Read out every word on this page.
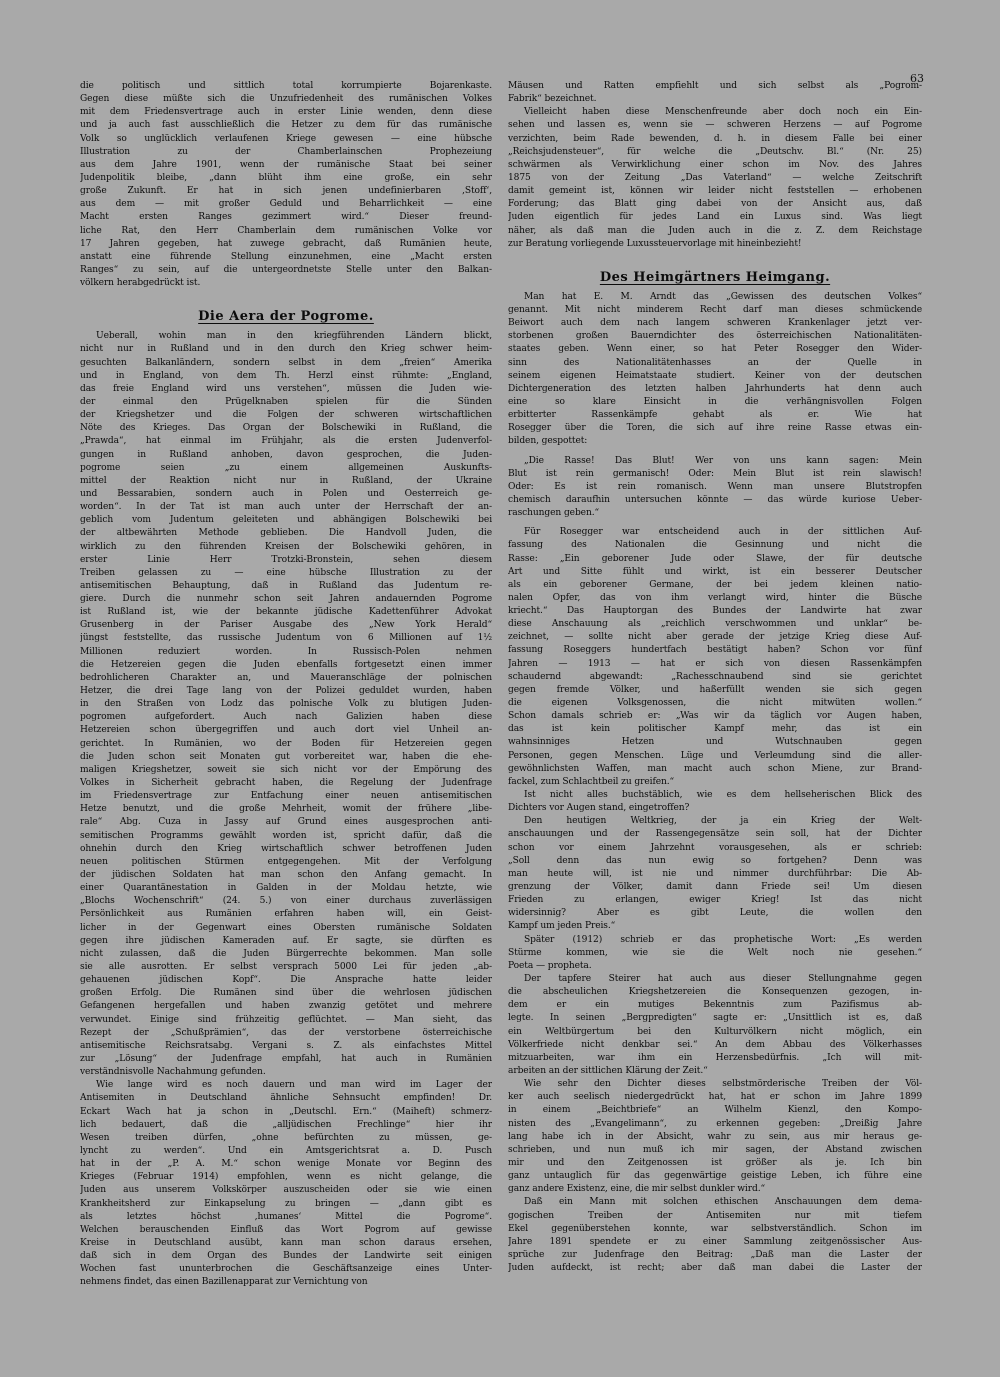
63
die politisch und sittlich total korrumpierte Bojarenkaste.
Gegen diese müßte sich die Unzufriedenheit des rumänischen Volkes
mit dem Friedensvertrage auch in erster Linie wenden, denn diese
und ja auch fast ausschließlich die Hetzer zu dem für das rumänische
Volk so unglücklich verlaufenen Kriege gewesen — eine hübsche
Illustration zu der Chamberlainschen Prophezeiung
aus dem Jahre 1901, wenn der rumänische Staat bei seiner
Judenpolitik bleibe, „dann blüht ihm eine große, ein sehr
große Zukunft. Er hat in sich jenen undefinierbaren ‚Stoff‘,
aus dem — mit großer Geduld und Beharrlichkeit — eine
Macht ersten Ranges gezimmert wird.“ Dieser freund-
liche Rat, den Herr Chamberlain dem rumänischen Volke vor
17 Jahren gegeben, hat zuwege gebracht, daß Rumänien heute,
anstatt eine führende Stellung einzunehmen, eine „Macht ersten
Ranges“ zu sein, auf die untergeordnetste Stelle unter den Balkan-
völkern herabgedrückt ist.
Die Aera der Pogrome.
Ueberall, wohin man in den kriegführenden Ländern blickt,
nicht nur in Rußland und in den durch den Krieg schwer heim-
gesuchten Balkanländern, sondern selbst in dem „freien“ Amerika
und in England, von dem Th. Herzl einst rühmte: „England,
das freie England wird uns verstehen“, müssen die Juden wie-
der einmal den Prügelknaben spielen für die Sünden
der Kriegshetzer und die Folgen der schweren wirtschaftlichen
Nöte des Krieges. Das Organ der Bolschewiki in Rußland, die
„Prawda“, hat einmal im Frühjahr, als die ersten Judenverfol-
gungen in Rußland anhoben, davon gesprochen, die Juden-
pogrome seien „zu einem allgemeinen Auskunfts-
mittel der Reaktion nicht nur in Rußland, der Ukraine
und Bessarabien, sondern auch in Polen und Oesterreich ge-
worden“. In der Tat ist man auch unter der Herrschaft der an-
geblich vom Judentum geleiteten und abhängigen Bolschewiki bei
der altbewährten Methode geblieben. Die Handvoll Juden, die
wirklich zu den führenden Kreisen der Bolschewiki gehören, in
erster Linie Herr Trotzki-Bronstein, sehen diesem
Treiben gelassen zu — eine hübsche Illustration zu der
antisemitischen Behauptung, daß in Rußland das Judentum re-
giere. Durch die nunmehr schon seit Jahren andauernden Pogrome
ist Rußland ist, wie der bekannte jüdische Kadettenführer Advokat
Grusenberg in der Pariser Ausgabe des „New York Herald“
jüngst feststellte, das russische Judentum von 6 Millionen auf 1½
Millionen reduziert worden. In Russisch-Polen nehmen
die Hetzereien gegen die Juden ebenfalls fortgesetzt einen immer
bedrohlicheren Charakter an, und Maueranschläge der polnischen
Hetzer, die drei Tage lang von der Polizei geduldet wurden, haben
in den Straßen von Lodz das polnische Volk zu blutigen Juden-
pogromen aufgefordert. Auch nach Galizien haben diese
Hetzereien schon übergegriffen und auch dort viel Unheil an-
gerichtet. In Rumänien, wo der Boden für Hetzereien gegen
die Juden schon seit Monaten gut vorbereitet war, haben die ehe-
maligen Kriegshetzer, soweit sie sich nicht vor der Empörung des
Volkes in Sicherheit gebracht haben, die Regelung der Judenfrage
im Friedensvertrage zur Entfachung einer neuen antisemitischen
Hetze benutzt, und die große Mehrheit, womit der frühere „libe-
rale“ Abg. Cuza in Jassy auf Grund eines ausgesprochen anti-
semitischen Programms gewählt worden ist, spricht dafür, daß die
ohnehin durch den Krieg wirtschaftlich schwer betroffenen Juden
neuen politischen Stürmen entgegengehen. Mit der Verfolgung
der jüdischen Soldaten hat man schon den Anfang gemacht. In
einer Quarantänestation in Galden in der Moldau hetzte, wie
„Blochs Wochenschrift“ (24. 5.) von einer durchaus zuverlässigen
Persönlichkeit aus Rumänien erfahren haben will, ein Geist-
licher in der Gegenwart eines Obersten rumänische Soldaten
gegen ihre jüdischen Kameraden auf. Er sagte, sie dürften es
nicht zulassen, daß die Juden Bürgerrechte bekommen. Man solle
sie alle ausrotten. Er selbst versprach 5000 Lei für jeden „ab-
gehauenen jüdischen Kopf“. Die Ansprache hatte leider
großen Erfolg. Die Rumänen sind über die wehrlosen jüdischen
Gefangenen hergefallen und haben zwanzig getötet und mehrere
verwundet. Einige sind frühzeitig geflüchtet. — Man sieht, das
Rezept der „Schußprämien“, das der verstorbene österreichische
antisemitische Reichsratsabg. Vergani s. Z. als einfachstes Mittel
zur „Lösung“ der Judenfrage empfahl, hat auch in Rumänien
verständnisvolle Nachahmung gefunden.
Wie lange wird es noch dauern und man wird im Lager der
Antisemiten in Deutschland ähnliche Sehnsucht empfinden! Dr.
Eckart Wach hat ja schon in „Deutschl. Ern.“ (Maiheft) schmerz-
lich bedauert, daß die „alljüdischen Frechlinge“ hier ihr
Wesen treiben dürfen, „ohne befürchten zu müssen, ge-
lyncht zu werden“. Und ein Amtsgerichtsrat a. D. Pusch
hat in der „P. A. M.“ schon wenige Monate vor Beginn des
Krieges (Februar 1914) empfohlen, wenn es nicht gelange, die
Juden aus unserem Volkskörper auszuscheiden oder sie wie einen
Krankheitsherd zur Einkapselung zu bringen — „dann gibt es
als letztes höchst ‚humanes‘ Mittel die Pogrome“.
Welchen berauschenden Einfluß das Wort Pogrom auf gewisse
Kreise in Deutschland ausübt, kann man schon daraus ersehen,
daß sich in dem Organ des Bundes der Landwirte seit einigen
Wochen fast ununterbrochen die Geschäftsanzeige eines Unter-
nehmens findet, das einen Bazillenapparat zur Vernichtung von
Mäusen und Ratten empfiehlt und sich selbst als „Pogrom-
Fabrik“ bezeichnet.
Vielleicht haben diese Menschenfreunde aber doch noch ein Ein-
sehen und lassen es, wenn sie — schweren Herzens — auf Pogrome
verzichten, beim Rade bewenden, d. h. in diesem Falle bei einer
„Reichsjudensteuer“, für welche die „Deutschv. Bl.“ (Nr. 25)
schwärmen als Verwirklichung einer schon im Nov. des Jahres
1875 von der Zeitung „Das Vaterland“ — welche Zeitschrift
damit gemeint ist, können wir leider nicht feststellen — erhobenen
Forderung; das Blatt ging dabei von der Ansicht aus, daß
Juden eigentlich für jedes Land ein Luxus sind. Was liegt
näher, als daß man die Juden auch in die z. Z. dem Reichstage
zur Beratung vorliegende Luxussteuervorlage mit hineinbezieht!
Des Heimgärtners Heimgang.
Man hat E. M. Arndt das „Gewissen des deutschen Volkes“
genannt. Mit nicht minderem Recht darf man dieses schmückende
Beiwort auch dem nach langem schweren Krankenlager jetzt ver-
storbenen großen Bauerndichter des österreichischen Nationalitäten-
staates geben. Wenn einer, so hat Peter Rosegger den Wider-
sinn des Nationalitätenhasses an der Quelle in
seinem eigenen Heimatstaate studiert. Keiner von der deutschen
Dichtergeneration des letzten halben Jahrhunderts hat denn auch
eine so klare Einsicht in die verhängnisvollen Folgen
erbitterter Rassenkämpfe gehabt als er. Wie hat
Rosegger über die Toren, die sich auf ihre reine Rasse etwas ein-
bilden, gespottet:
„Die Rasse! Das Blut! Wer von uns kann sagen: Mein
Blut ist rein germanisch! Oder: Mein Blut ist rein slawisch!
Oder: Es ist rein romanisch. Wenn man unsere Blutstropfen
chemisch daraufhin untersuchen könnte — das würde kuriose Ueber-
raschungen geben.“
Für Rosegger war entscheidend auch in der sittlichen Auf-
fassung des Nationalen die Gesinnung und nicht die
Rasse: „Ein geborener Jude oder Slawe, der für deutsche
Art und Sitte fühlt und wirkt, ist ein besserer Deutscher
als ein geborener Germane, der bei jedem kleinen natio-
nalen Opfer, das von ihm verlangt wird, hinter die Büsche
kriecht.“ Das Hauptorgan des Bundes der Landwirte hat zwar
diese Anschauung als „reichlich verschwommen und unklar“ be-
zeichnet, — sollte nicht aber gerade der jetzige Krieg diese Auf-
fassung Roseggers hundertfach bestätigt haben? Schon vor fünf
Jahren — 1913 — hat er sich von diesen Rassenkämpfen
schaudernd abgewandt: „Rachesschnaubend sind sie gerichtet
gegen fremde Völker, und haßerfüllt wenden sie sich gegen
die eigenen Volksgenossen, die nicht mitwüten wollen.“
Schon damals schrieb er: „Was wir da täglich vor Augen haben,
das ist kein politischer Kampf mehr, das ist ein
wahnsinniges Hetzen und Wutschnauben gegen
Personen, gegen Menschen. Lüge und Verleumdung sind die aller-
gewöhnlichsten Waffen, man macht auch schon Miene, zur Brand-
fackel, zum Schlachtbeil zu greifen.“
Ist nicht alles buchstäblich, wie es dem hellseherischen Blick des
Dichters vor Augen stand, eingetroffen?
Den heutigen Weltkrieg, der ja ein Krieg der Welt-
anschauungen und der Rassengegensätze sein soll, hat der Dichter
schon vor einem Jahrzehnt vorausgesehen, als er schrieb:
„Soll denn das nun ewig so fortgehen? Denn was
man heute will, ist nie und nimmer durchführbar: Die Ab-
grenzung der Völker, damit dann Friede sei! Um diesen
Frieden zu erlangen, ewiger Krieg! Ist das nicht
widersinnig? Aber es gibt Leute, die wollen den
Kampf um jeden Preis.“
Später (1912) schrieb er das prophetische Wort: „Es werden
Stürme kommen, wie sie die Welt noch nie gesehen.“
Poeta — propheta.
Der tapfere Steirer hat auch aus dieser Stellungnahme gegen
die abscheulichen Kriegshetzereien die Konsequenzen gezogen, in-
dem er ein mutiges Bekenntnis zum Pazifismus ab-
legte. In seinen „Bergpredigten“ sagte er: „Unsittlich ist es, daß
ein Weltbürgertum bei den Kulturvölkern nicht möglich, ein
Völkerfriede nicht denkbar sei.“ An dem Abbau des Völkerhasses
mitzuarbeiten, war ihm ein Herzensbedürfnis. „Ich will mit-
arbeiten an der sittlichen Klärung der Zeit.“
Wie sehr den Dichter dieses selbstmörderische Treiben der Völ-
ker auch seelisch niedergedrückt hat, hat er schon im Jahre 1899
in einem „Beichtbriefe“ an Wilhelm Kienzl, den Kompo-
nisten des „Evangelimann“, zu erkennen gegeben: „Dreißig Jahre
lang habe ich in der Absicht, wahr zu sein, aus mir heraus ge-
schrieben, und nun muß ich mir sagen, der Abstand zwischen
mir und den Zeitgenossen ist größer als je. Ich bin
ganz untauglich für das gegenwärtige geistige Leben, ich führe eine
ganz andere Existenz, eine, die mir selbst dunkler wird.“
Daß ein Mann mit solchen ethischen Anschauungen dem dema-
gogischen Treiben der Antisemiten nur mit tiefem
Ekel gegenüberstehen konnte, war selbstverständlich. Schon im
Jahre 1891 spendete er zu einer Sammlung zeitgenössischer Aus-
sprüche zur Judenfrage den Beitrag: „Daß man die Laster der
Juden aufdeckt, ist recht; aber daß man dabei die Laster der
